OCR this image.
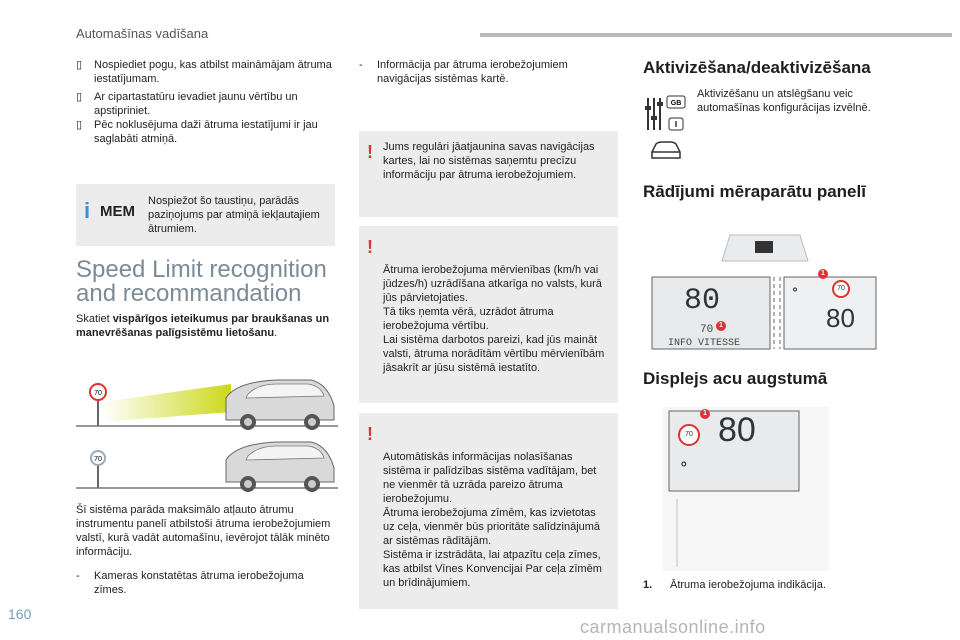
Automašīnas vadīšana
▯	Nospiediet pogu, kas atbilst maināmājam ātruma iestatījumam.
▯	Ar cipartastatūru ievadiet jaunu vērtību un apstipriniet.
▯	Pēc noklusējuma daži ātruma iestatījumi ir jau saglabāti atmiņā.
i MEM
Nospiežot šo taustiņu, parādās paziņojums par atmiņā iekļautajiem ātrumiem.
Speed Limit recognition
and recommandation
Skatiet vispārīgos ieteikumus par braukšanas un manevrēšanas palīgsistēmu lietošanu.
70
70
Šī sistēma parāda maksimālo atļauto ātrumu instrumentu panelī atbilstoši ātruma ierobežojumiem valstī, kurā vadāt automašīnu, ievērojot tālāk minēto informāciju.
-	Kameras konstatētas ātruma ierobežojuma zīmes.
-	Informācija par ātruma ierobežojumiem navigācijas sistēmas kartē.
! Jums regulāri jāatjaunina savas navigācijas kartes, lai no sistēmas saņemtu precīzu informāciju par ātruma ierobežojumiem.

!

Ātruma ierobežojuma mērvienības (km/h vai jūdzes/h) uzrādīšana atkarīga no valsts, kurā jūs pārvietojaties.
Tā tiks ņemta vērā, uzrādot ātruma ierobežojuma vērtību.
Lai sistēma darbotos pareizi, kad jūs maināt valsti, ātruma norādītām vērtību mērvienībām jāsakrīt ar jūsu sistēmā iestatīto.

!

Automātiskās informācijas nolasīšanas sistēma ir palīdzības sistēma vadītājam, bet ne vienmēr tā uzrāda pareizo ātruma ierobežojumu.
Ātruma ierobežojuma zīmēm, kas izvietotas uz ceļa, vienmēr būs prioritāte salīdzinājumā ar sistēmas rādītājām.
Sistēma ir izstrādāta, lai atpazītu ceļa zīmes, kas atbilst Vīnes Konvencijai Par ceļa zīmēm un brīdinājumiem.

Aktivizēšana/deaktivizēšana
GB
I
Aktivizēšanu un atslēgšanu veic automašīnas konfigurācijas izvēlnē.
Rādījumi mēraparātu panelī
80
70
INFO VITESSE
1
⚬	70
1
80
Displejs acu augstumā
70
1 80
⚬
1. Ātruma ierobežojuma indikācija.
160
carmanualsonline.info
